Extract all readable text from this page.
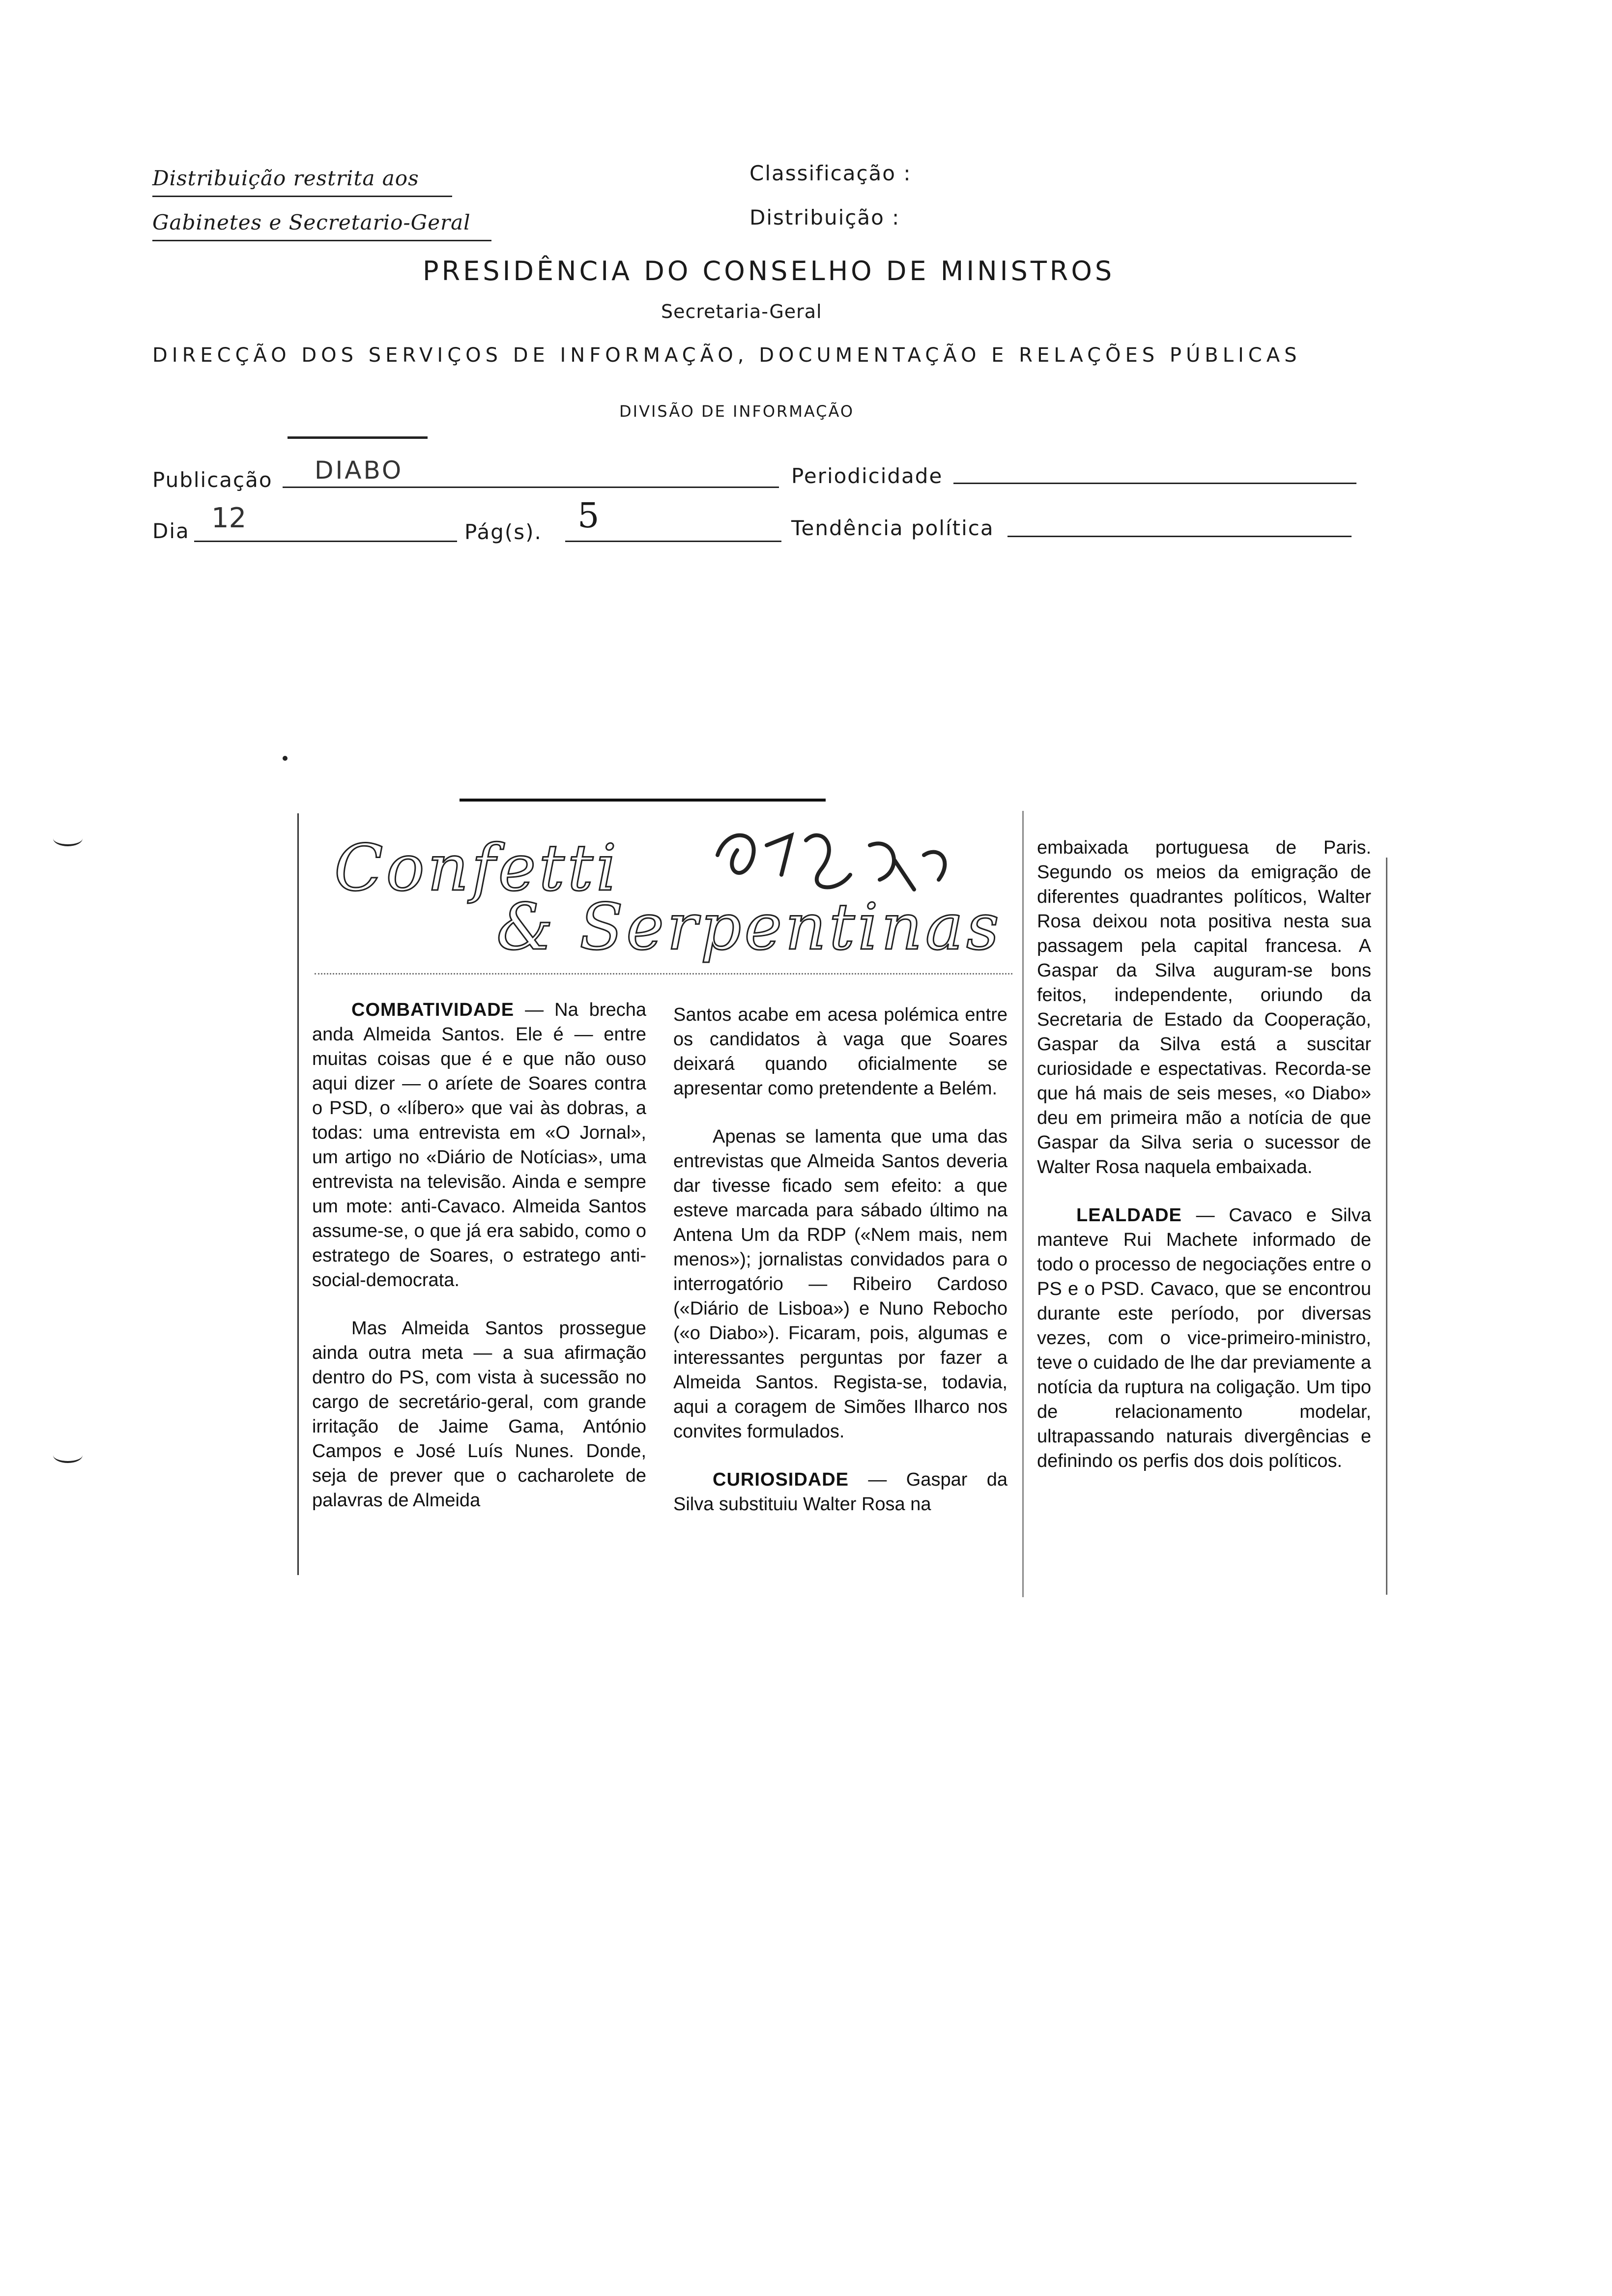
Distribuição restrita aos
Gabinetes e Secretario-Geral
Classificação :
Distribuição :
PRESIDÊNCIA DO CONSELHO DE MINISTROS
Secretaria-Geral
DIRECÇÃO DOS SERVIÇOS DE INFORMAÇÃO, DOCUMENTAÇÃO E RELAÇÕES PÚBLICAS
DIVISÃO DE INFORMAÇÃO
Publicação DIABO	Periodicidade
Dia 12	Pág(s). 5	Tendência política
Confetti
& Serpentinas

COMBATIVIDADE — Na brecha anda Almeida Santos. Ele é — entre muitas coisas que é e que não ouso aqui dizer — o aríete de Soares contra o PSD, o «líbero» que vai às dobras, a todas: uma entrevista em «O Jornal», um artigo no «Diário de Notícias», uma entrevista na televisão. Ainda e sempre um mote: anti-Cavaco. Almeida Santos assume-se, o que já era sabido, como o estratego de Soares, o estratego anti-social-democrata.

Mas Almeida Santos prossegue ainda outra meta — a sua afirmação dentro do PS, com vista à sucessão no cargo de secretário-geral, com grande irritação de Jaime Gama, António Campos e José Luís Nunes. Donde, seja de prever que o cacharolete de palavras de Almeida

Santos acabe em acesa polémica entre os candidatos à vaga que Soares deixará quando oficialmente se apresentar como pretendente a Belém.

Apenas se lamenta que uma das entrevistas que Almeida Santos deveria dar tivesse ficado sem efeito: a que esteve marcada para sábado último na Antena Um da RDP («Nem mais, nem menos»); jornalistas convidados para o interrogatório — Ribeiro Cardoso («Diário de Lisboa») e Nuno Rebocho («o Diabo»). Ficaram, pois, algumas e interessantes perguntas por fazer a Almeida Santos. Regista-se, todavia, aqui a coragem de Simões Ilharco nos convites formulados.

CURIOSIDADE — Gaspar da Silva substituiu Walter Rosa na

embaixada portuguesa de Paris. Segundo os meios da emigração de diferentes quadrantes políticos, Walter Rosa deixou nota positiva nesta sua passagem pela capital francesa. A Gaspar da Silva auguram-se bons feitos, independente, oriundo da Secretaria de Estado da Cooperação, Gaspar da Silva está a suscitar curiosidade e espectativas. Recorda-se que há mais de seis meses, «o Diabo» deu em primeira mão a notícia de que Gaspar da Silva seria o sucessor de Walter Rosa naquela embaixada.

LEALDADE — Cavaco e Silva manteve Rui Machete informado de todo o processo de negociações entre o PS e o PSD. Cavaco, que se encontrou durante este período, por diversas vezes, com o vice-primeiro-ministro, teve o cuidado de lhe dar previamente a notícia da ruptura na coligação. Um tipo de relacionamento modelar, ultrapassando naturais divergências e definindo os perfis dos dois políticos.
